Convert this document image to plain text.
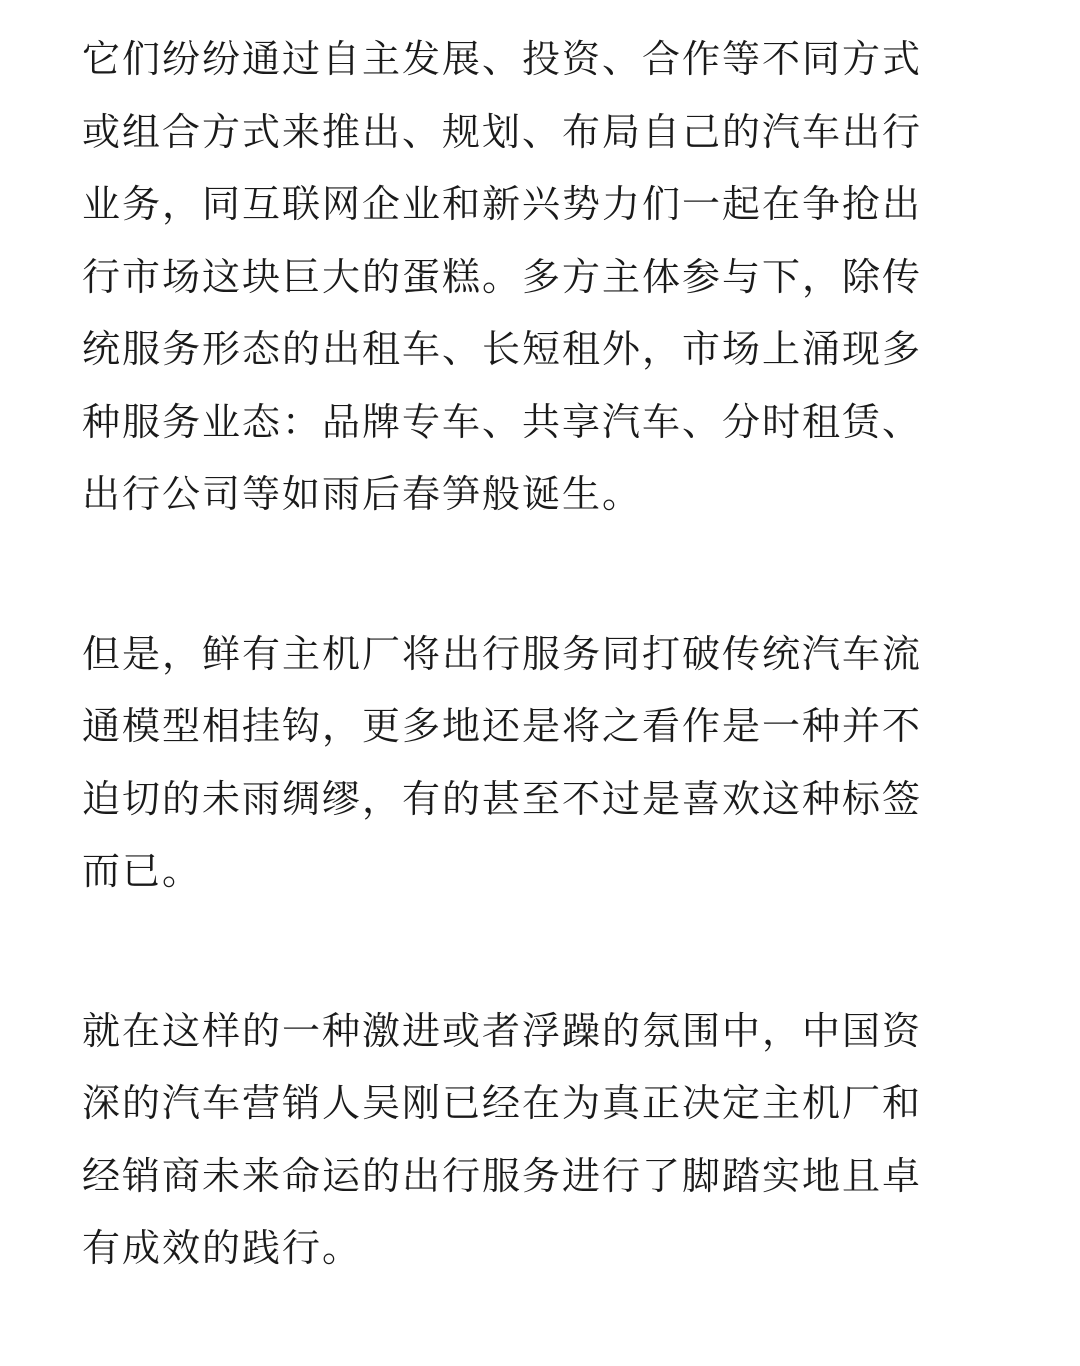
它们纷纷通过自主发展、投资、合作等不同方式
或组合方式来推出、规划、布局自己的汽车出行
业务，同互联网企业和新兴势力们一起在争抢出
行市场这块巨大的蛋糕。多方主体参与下，除传
统服务形态的出租车、长短租外，市场上涌现多
种服务业态：品牌专车、共享汽车、分时租赁、
出行公司等如雨后春笋般诞生。
但是，鲜有主机厂将出行服务同打破传统汽车流
通模型相挂钩，更多地还是将之看作是一种并不
迫切的未雨绸缪，有的甚至不过是喜欢这种标签
而已。
就在这样的一种激进或者浮躁的氛围中，中国资
深的汽车营销人吴刚已经在为真正决定主机厂和
经销商未来命运的出行服务进行了脚踏实地且卓
有成效的践行。
